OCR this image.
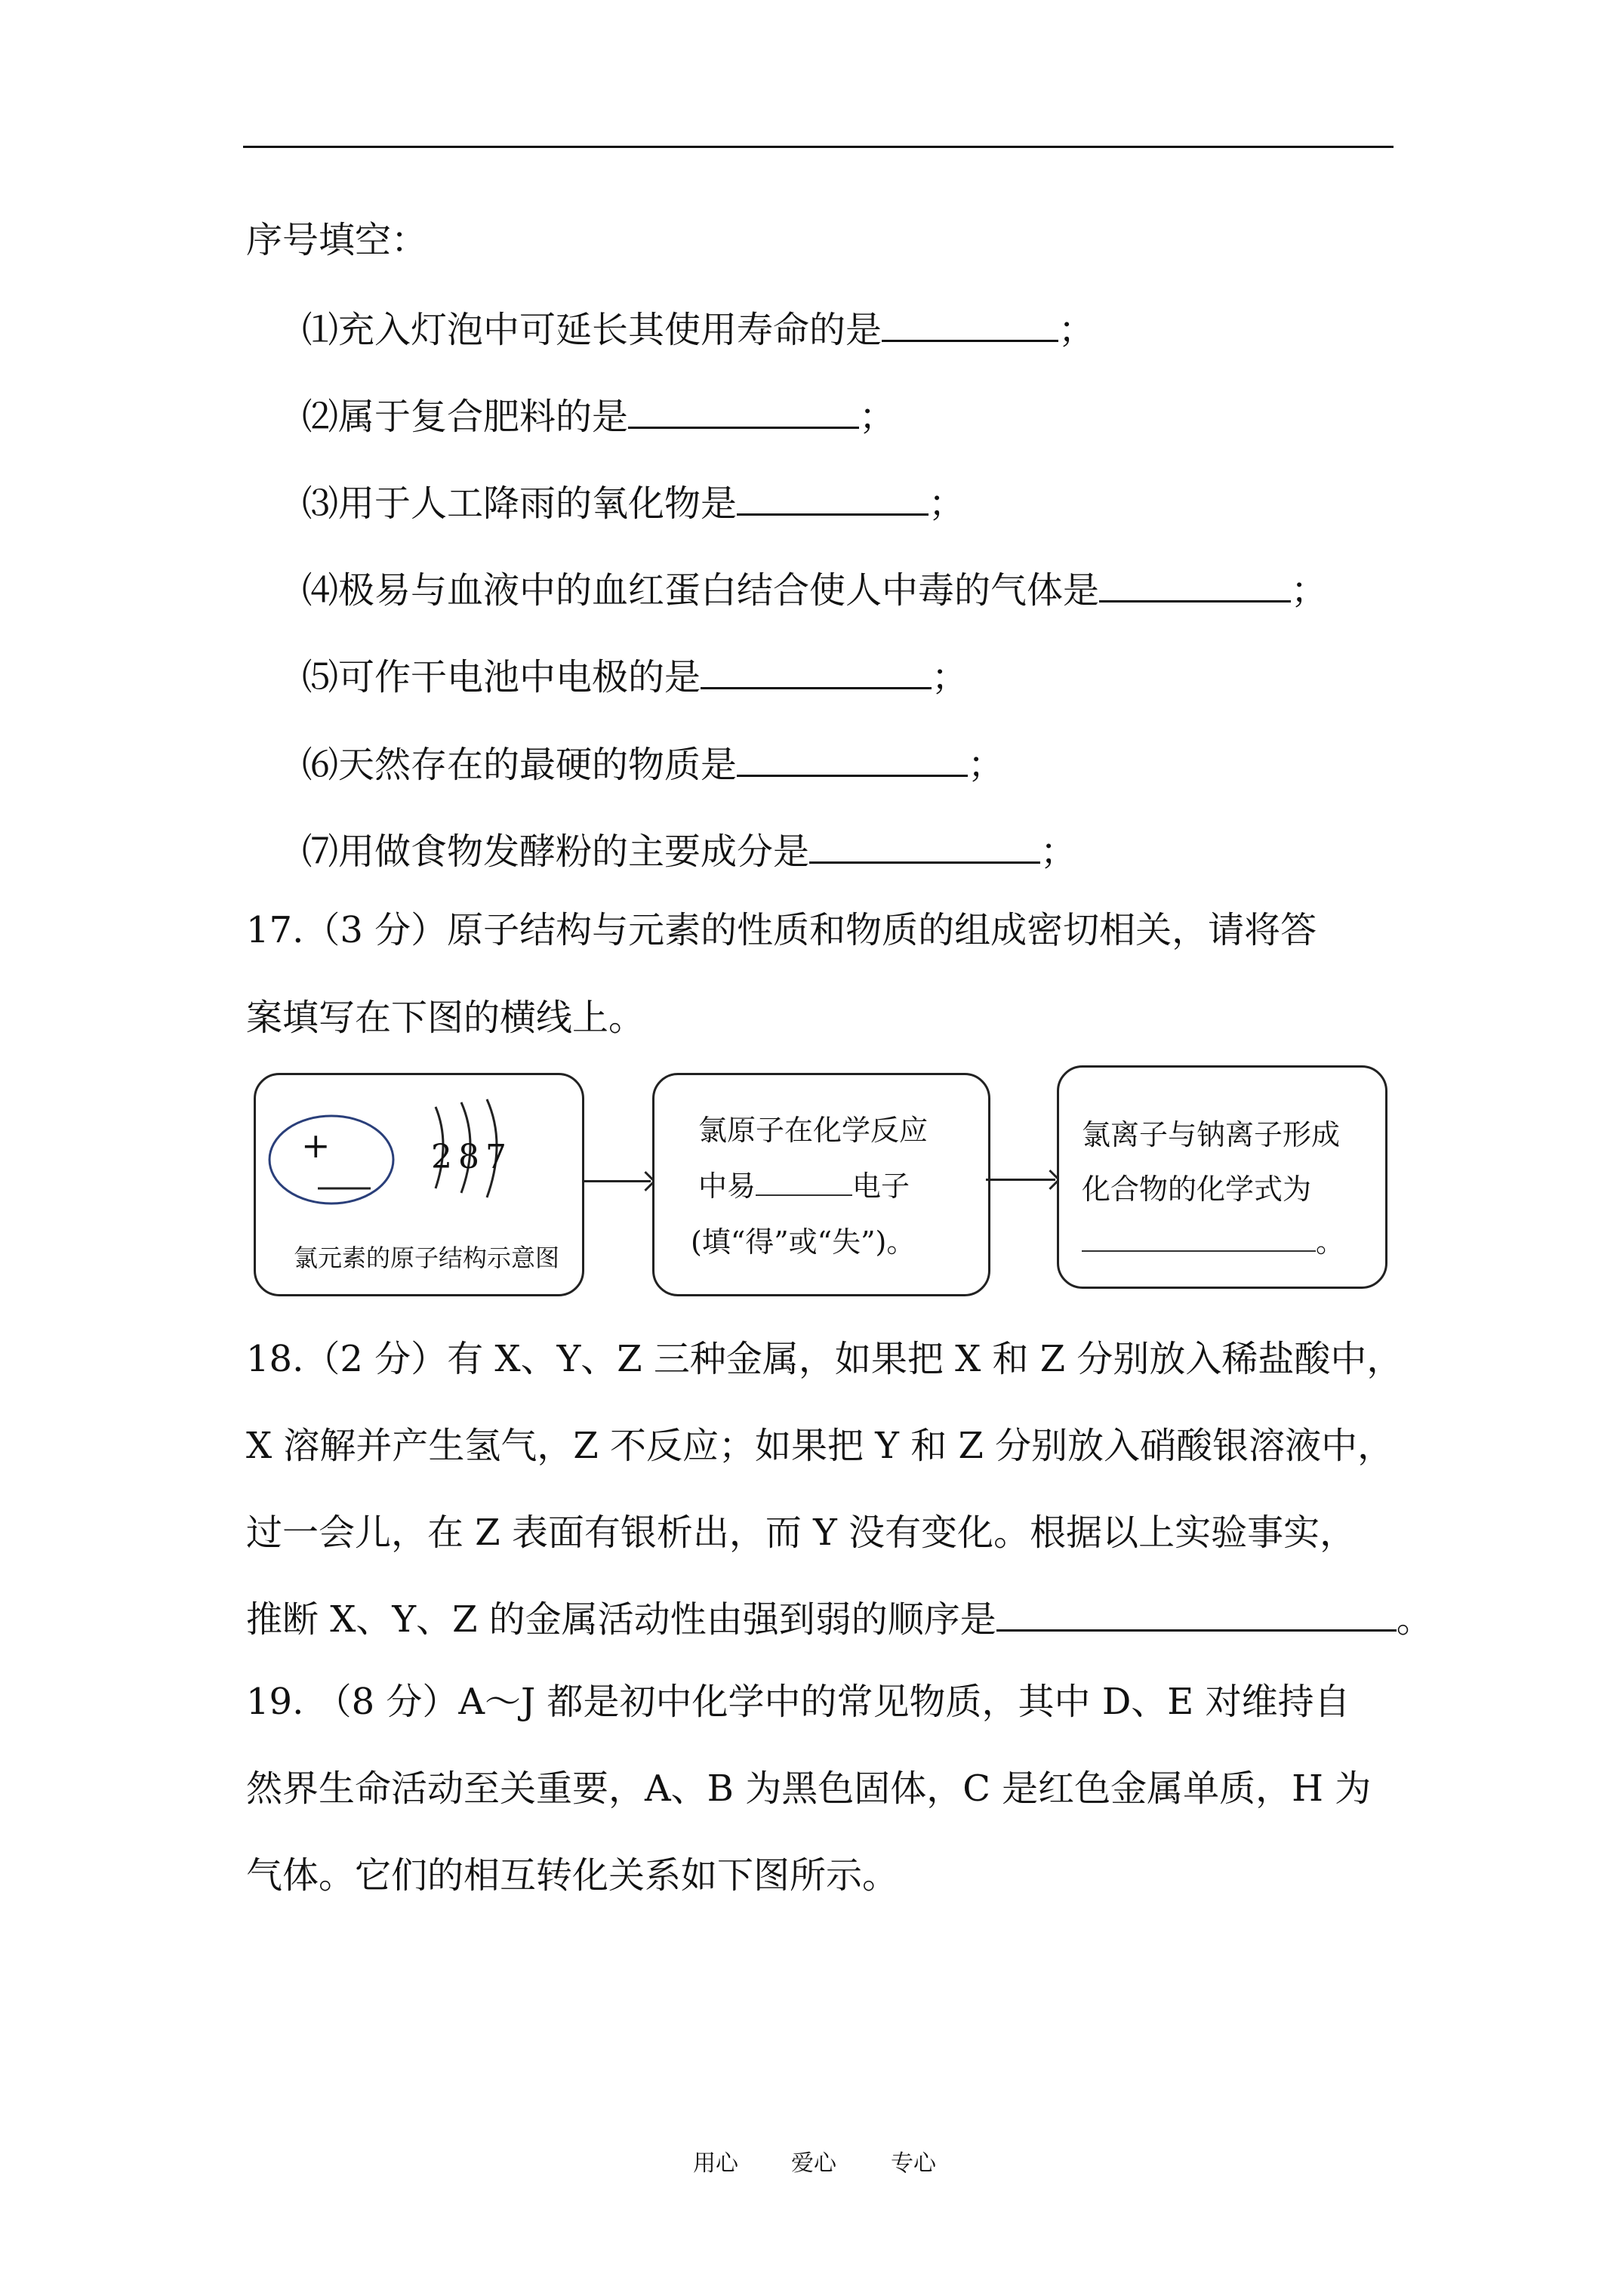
序号填空：
⑴充入灯泡中可延长其使用寿命的是	；
⑵属于复合肥料的是	；
⑶用于人工降雨的氧化物是	；
⑷极易与血液中的血红蛋白结合使人中毒的气体是	；
⑸可作干电池中电极的是	；
⑹天然存在的最硬的物质是	；
⑺用做食物发酵粉的主要成分是	；
17.（3 分）原子结构与元素的性质和物质的组成密切相关，请将答
案填写在下图的横线上。
+	2 8 7
氯元素的原子结构示意图
氯原子在化学反应
中易	电子
(填“得”或“失”)。
氯离子与钠离子形成
化合物的化学式为
。
18.（2 分）有 X、Y、Z 三种金属，如果把 X 和 Z 分别放入稀盐酸中，
X 溶解并产生氢气，Z 不反应；如果把 Y 和 Z 分别放入硝酸银溶液中，
过一会儿，在 Z 表面有银析出，而 Y 没有变化。根据以上实验事实，
推断 X、Y、Z 的金属活动性由强到弱的顺序是	。
19. （8 分）A～J 都是初中化学中的常见物质，其中 D、E 对维持自
然界生命活动至关重要，A、B 为黑色固体，C 是红色金属单质，H 为
气体。它们的相互转化关系如下图所示。
用心 爱心 专心
